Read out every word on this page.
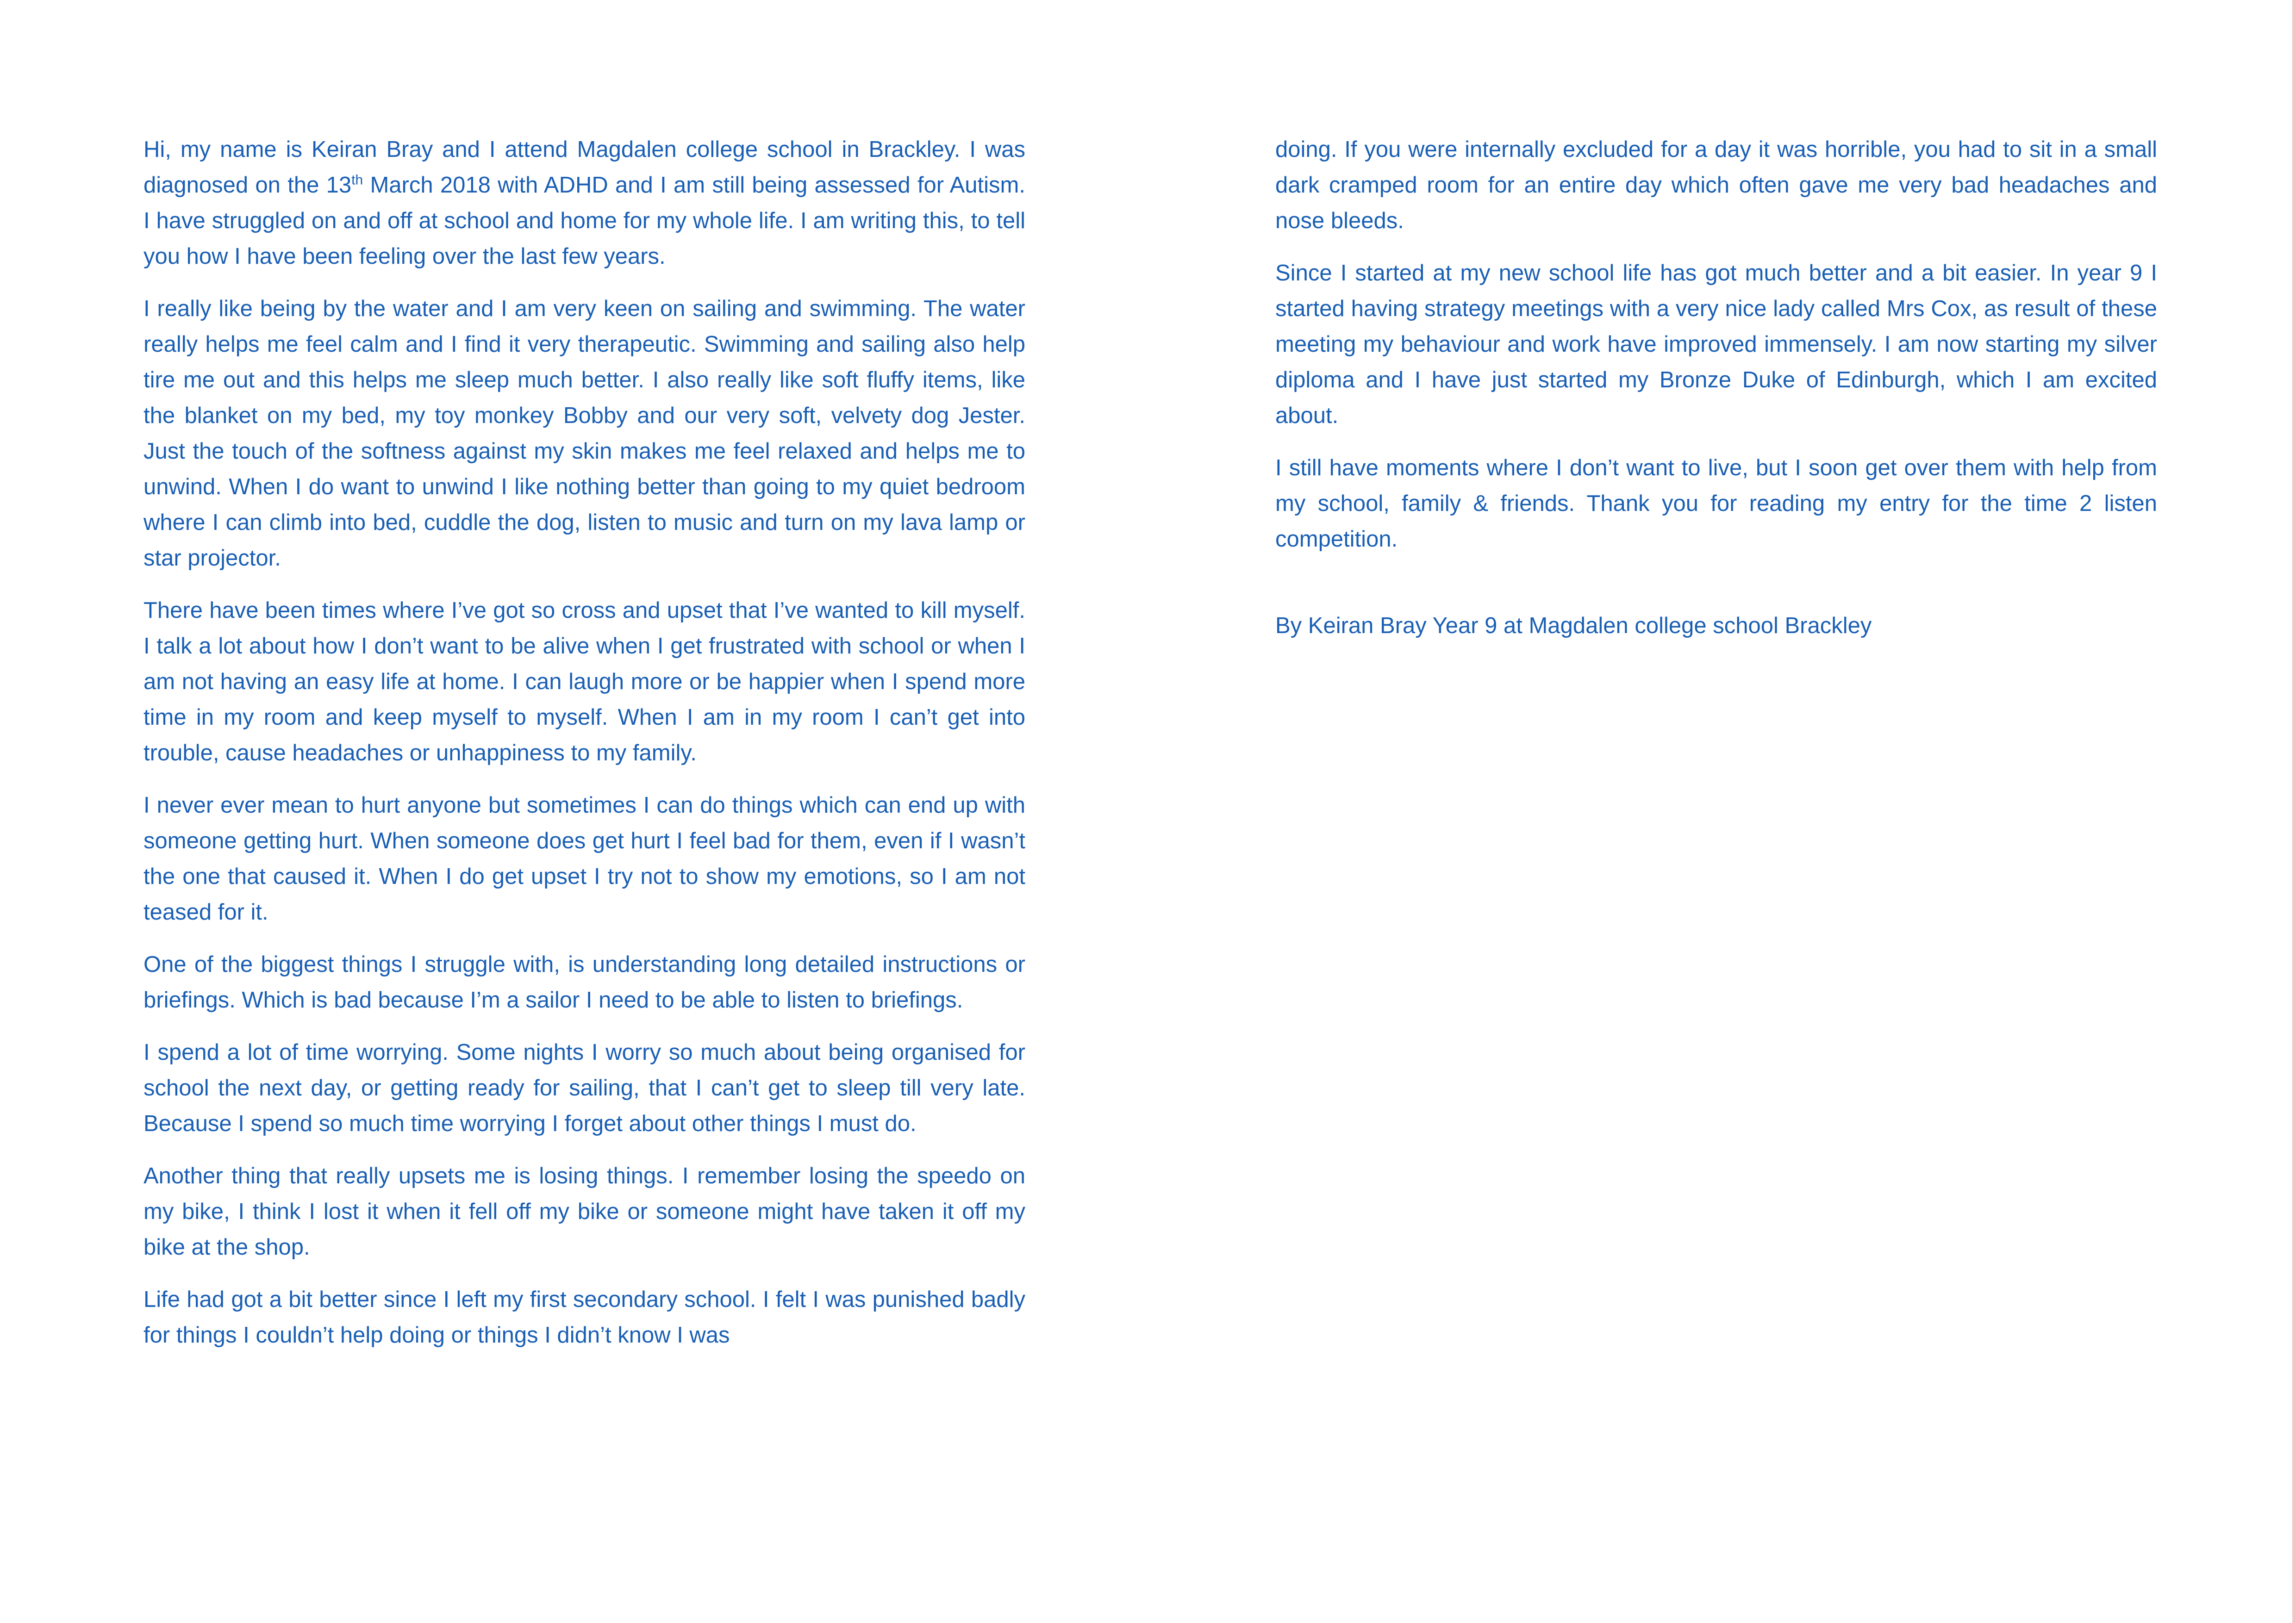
Hi, my name is Keiran Bray and I attend Magdalen college school in Brackley. I was diagnosed on the 13th March 2018 with ADHD and I am still being assessed for Autism. I have struggled on and off at school and home for my whole life. I am writing this, to tell you how I have been feeling over the last few years.

I really like being by the water and I am very keen on sailing and swimming. The water really helps me feel calm and I find it very therapeutic. Swimming and sailing also help tire me out and this helps me sleep much better. I also really like soft fluffy items, like the blanket on my bed, my toy monkey Bobby and our very soft, velvety dog Jester. Just the touch of the softness against my skin makes me feel relaxed and helps me to unwind. When I do want to unwind I like nothing better than going to my quiet bedroom where I can climb into bed, cuddle the dog, listen to music and turn on my lava lamp or star projector.

There have been times where I’ve got so cross and upset that I’ve wanted to kill myself. I talk a lot about how I don’t want to be alive when I get frustrated with school or when I am not having an easy life at home. I can laugh more or be happier when I spend more time in my room and keep myself to myself. When I am in my room I can’t get into trouble, cause headaches or unhappiness to my family.

I never ever mean to hurt anyone but sometimes I can do things which can end up with someone getting hurt. When someone does get hurt I feel bad for them, even if I wasn’t the one that caused it. When I do get upset I try not to show my emotions, so I am not teased for it.

One of the biggest things I struggle with, is understanding long detailed instructions or briefings. Which is bad because I’m a sailor I need to be able to listen to briefings.

I spend a lot of time worrying. Some nights I worry so much about being organised for school the next day, or getting ready for sailing, that I can’t get to sleep till very late. Because I spend so much time worrying I forget about other things I must do.

Another thing that really upsets me is losing things. I remember losing the speedo on my bike, I think I lost it when it fell off my bike or someone might have taken it off my bike at the shop.

Life had got a bit better since I left my first secondary school. I felt I was punished badly for things I couldn’t help doing or things I didn’t know I was

doing. If you were internally excluded for a day it was horrible, you had to sit in a small dark cramped room for an entire day which often gave me very bad headaches and nose bleeds.

Since I started at my new school life has got much better and a bit easier. In year 9 I started having strategy meetings with a very nice lady called Mrs Cox, as result of these meeting my behaviour and work have improved immensely. I am now starting my silver diploma and I have just started my Bronze Duke of Edinburgh, which I am excited about.

I still have moments where I don’t want to live, but I soon get over them with help from my school, family & friends. Thank you for reading my entry for the time 2 listen competition.

By Keiran Bray Year 9 at Magdalen college school Brackley
